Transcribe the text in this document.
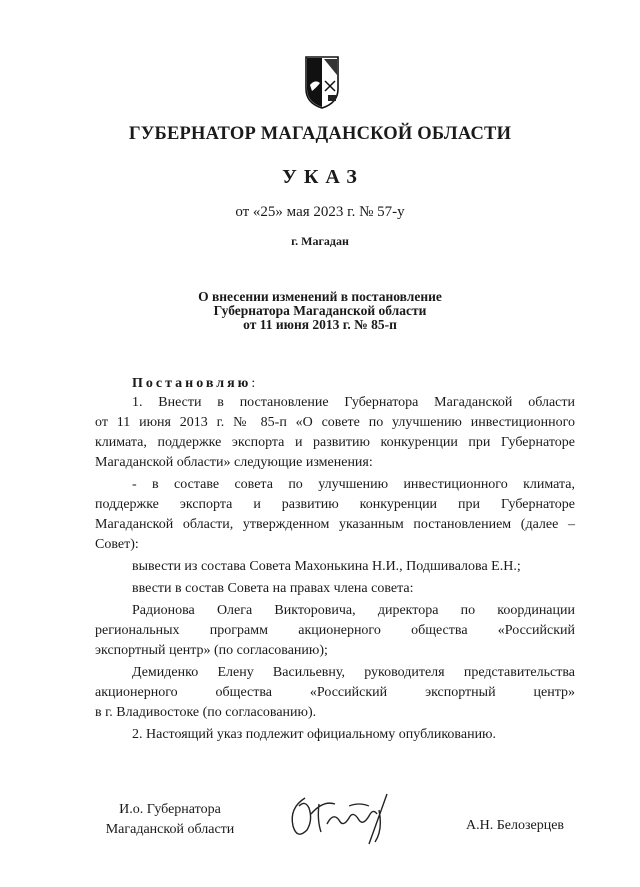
ГУБЕРНАТОР МАГАДАНСКОЙ ОБЛАСТИ
УКАЗ
от «25» мая 2023 г. № 57-у
г. Магадан
О внесении изменений в постановление
Губернатора Магаданской области
от 11 июня 2013 г. № 85-п
Постановляю:
1. Внести в постановление Губернатора Магаданской области
от 11 июня 2013 г. № 85-п «О совете по улучшению инвестиционного
климата, поддержке экспорта и развитию конкуренции при Губернаторе
Магаданской области» следующие изменения:
- в составе совета по улучшению инвестиционного климата,
поддержке экспорта и развитию конкуренции при Губернаторе
Магаданской области, утвержденном указанным постановлением (далее –
Совет):
вывести из состава Совета Махонькина Н.И., Подшивалова Е.Н.;
ввести в состав Совета на правах члена совета:
Радионова Олега Викторовича, директора по координации
региональных программ акционерного общества «Российский
экспортный центр» (по согласованию);
Демиденко Елену Васильевну, руководителя представительства
акционерного общества «Российский экспортный центр»
в г. Владивостоке (по согласованию).
2. Настоящий указ подлежит официальному опубликованию.
И.о. Губернатора
Магаданской области	А.Н. Белозерцев
